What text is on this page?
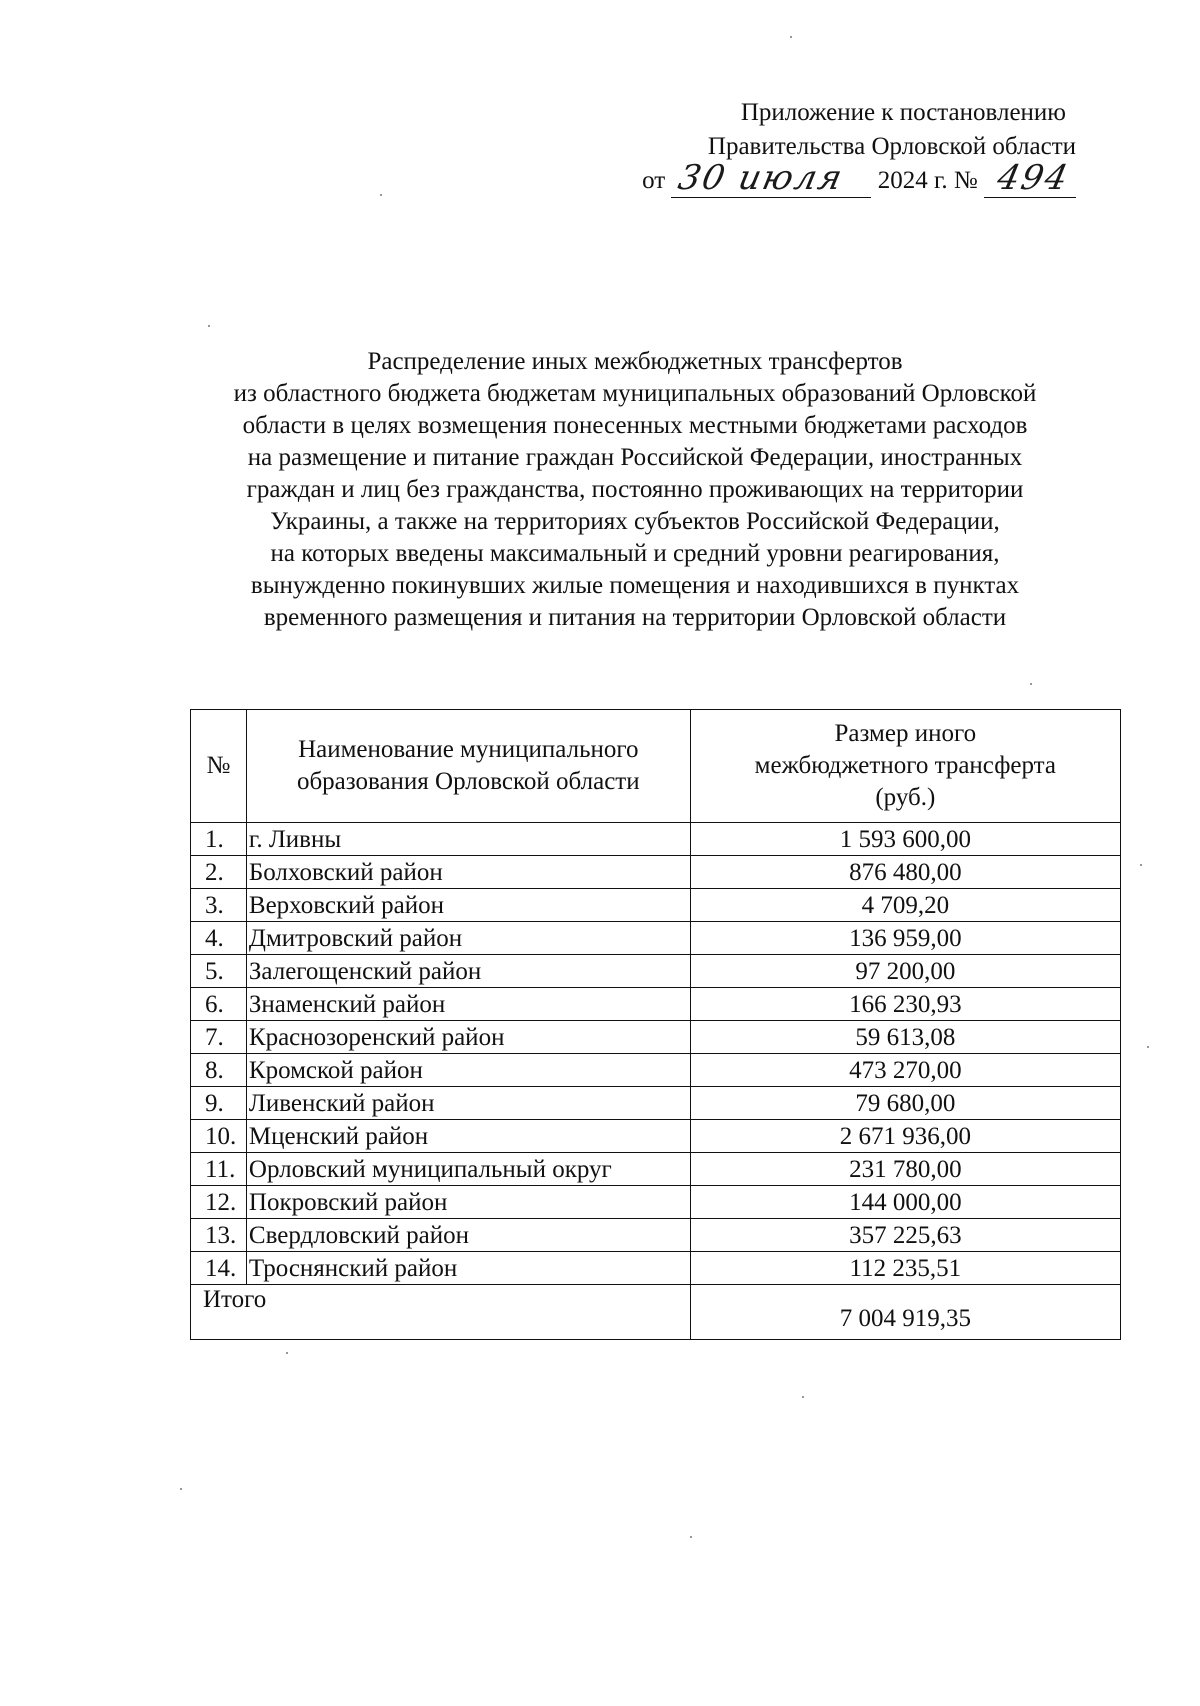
Приложение к постановлению
Правительства Орловской области
от 30 июля 2024 г. № 494
Распределение иных межбюджетных трансфертов
из областного бюджета бюджетам муниципальных образований Орловской
области в целях возмещения понесенных местными бюджетами расходов
на размещение и питание граждан Российской Федерации, иностранных
граждан и лиц без гражданства, постоянно проживающих на территории
Украины, а также на территориях субъектов Российской Федерации,
на которых введены максимальный и средний уровни реагирования,
вынужденно покинувших жилые помещения и находившихся в пунктах
временного размещения и питания на территории Орловской области
№	Наименование муниципального образования Орловской области	Размер иного межбюджетного трансферта (руб.)
1.	г. Ливны	1 593 600,00
2.	Болховский район	876 480,00
3.	Верховский район	4 709,20
4.	Дмитровский район	136 959,00
5.	Залегощенский район	97 200,00
6.	Знаменский район	166 230,93
7.	Краснозоренский район	59 613,08
8.	Кромской район	473 270,00
9.	Ливенский район	79 680,00
10.	Мценский район	2 671 936,00
11.	Орловский муниципальный округ	231 780,00
12.	Покровский район	144 000,00
13.	Свердловский район	357 225,63
14.	Троснянский район	112 235,51
Итого		7 004 919,35
